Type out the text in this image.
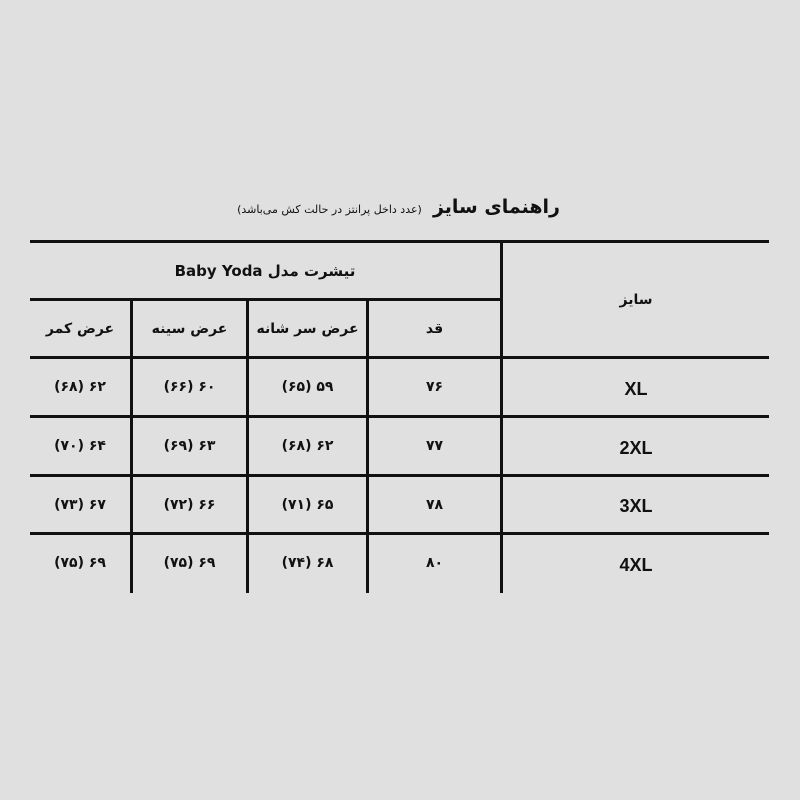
راهنمای سایز (عدد داخل پرانتز در حالت کش می‌باشد)
سایز
تیشرت مدل Baby Yoda
قد
عرض سر شانه
عرض سینه
عرض کمر
XL
۷۶
۵۹ (۶۵)
۶۰ (۶۶)
۶۲ (۶۸)
2XL
۷۷
۶۲ (۶۸)
۶۳ (۶۹)
۶۴ (۷۰)
3XL
۷۸
۶۵ (۷۱)
۶۶ (۷۲)
۶۷ (۷۳)
4XL
۸۰
۶۸ (۷۴)
۶۹ (۷۵)
۶۹ (۷۵)
